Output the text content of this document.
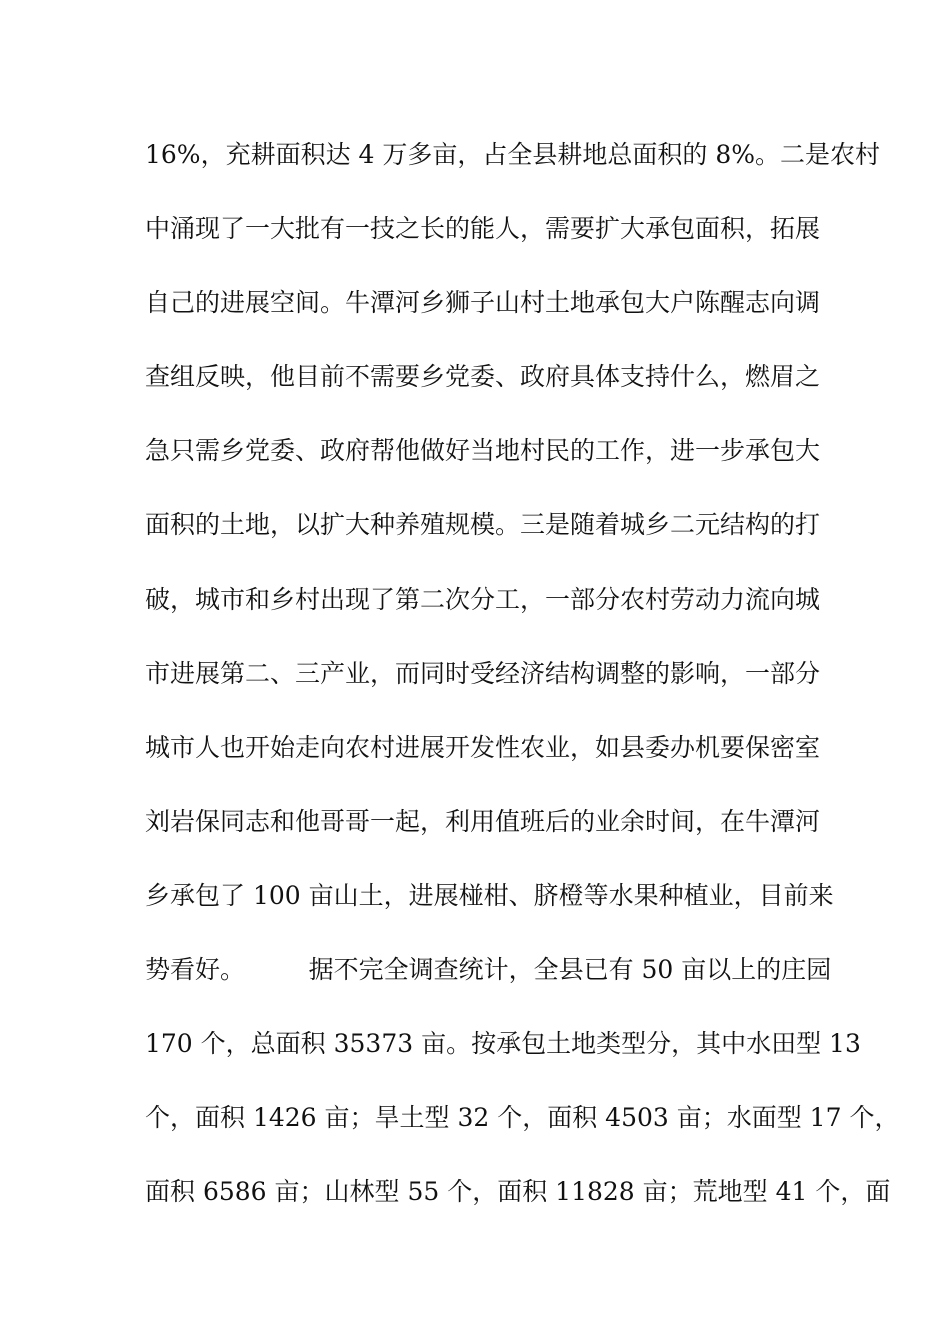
16%，充耕面积达 4 万多亩，占全县耕地总面积的 8%。二是农村
中涌现了一大批有一技之长的能人，需要扩大承包面积，拓展
自己的进展空间。牛潭河乡狮子山村土地承包大户陈醒志向调
查组反映，他目前不需要乡党委、政府具体支持什么，燃眉之
急只需乡党委、政府帮他做好当地村民的工作，进一步承包大
面积的土地，以扩大种养殖规模。三是随着城乡二元结构的打
破，城市和乡村出现了第二次分工，一部分农村劳动力流向城
市进展第二、三产业，而同时受经济结构调整的影响，一部分
城市人也开始走向农村进展开发性农业，如县委办机要保密室
刘岩保同志和他哥哥一起，利用值班后的业余时间，在牛潭河
乡承包了 100 亩山土，进展椪柑、脐橙等水果种植业，目前来
势看好。        据不完全调查统计，全县已有 50 亩以上的庄园
170 个，总面积 35373 亩。按承包土地类型分，其中水田型 13
个，面积 1426 亩；旱土型 32 个，面积 4503 亩；水面型 17 个，
面积 6586 亩；山林型 55 个，面积 11828 亩；荒地型 41 个，面
